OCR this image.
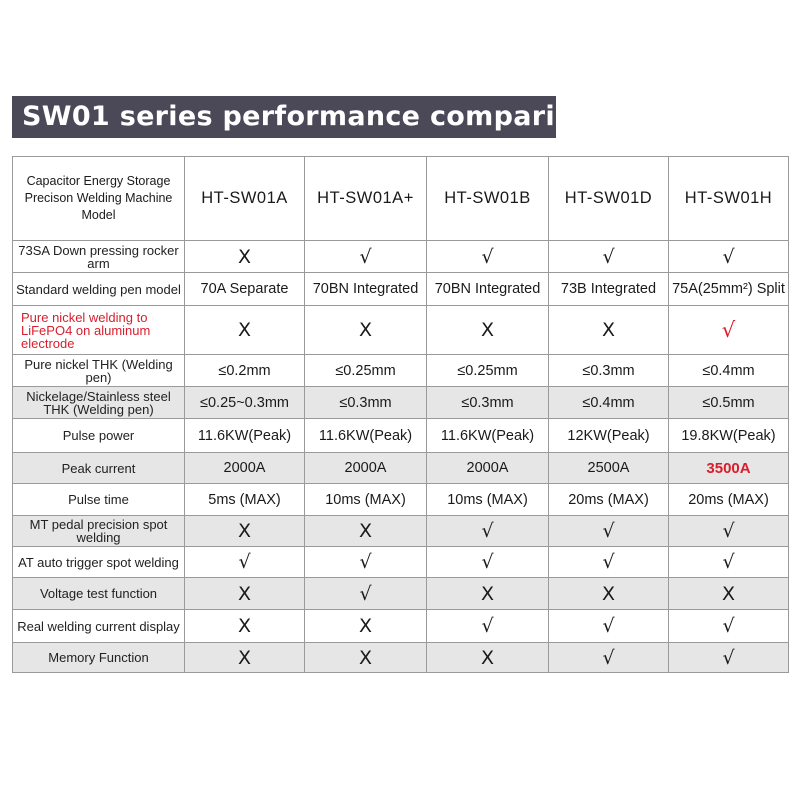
SW01 series performance comparison
Capacitor Energy Storage Precison Welding Machine Model	HT-SW01A	HT-SW01A+	HT-SW01B	HT-SW01D	HT-SW01H
73SA Down pressing rocker arm	X	√	√	√	√
Standard welding pen model	70A Separate	70BN Integrated	70BN Integrated	73B Integrated	75A(25mm²) Split
Pure nickel welding to LiFePO4 on aluminum electrode	X	X	X	X	√
Pure nickel THK (Welding pen)	≤0.2mm	≤0.25mm	≤0.25mm	≤0.3mm	≤0.4mm
Nickelage/Stainless steel THK (Welding pen)	≤0.25~0.3mm	≤0.3mm	≤0.3mm	≤0.4mm	≤0.5mm
Pulse power	11.6KW(Peak)	11.6KW(Peak)	11.6KW(Peak)	12KW(Peak)	19.8KW(Peak)
Peak current	2000A	2000A	2000A	2500A	3500A
Pulse time	5ms (MAX)	10ms (MAX)	10ms (MAX)	20ms (MAX)	20ms (MAX)
MT pedal precision spot welding	X	X	√	√	√
AT auto trigger spot welding	√	√	√	√	√
Voltage test function	X	√	X	X	X
Real welding current display	X	X	√	√	√
Memory Function	X	X	X	√	√
